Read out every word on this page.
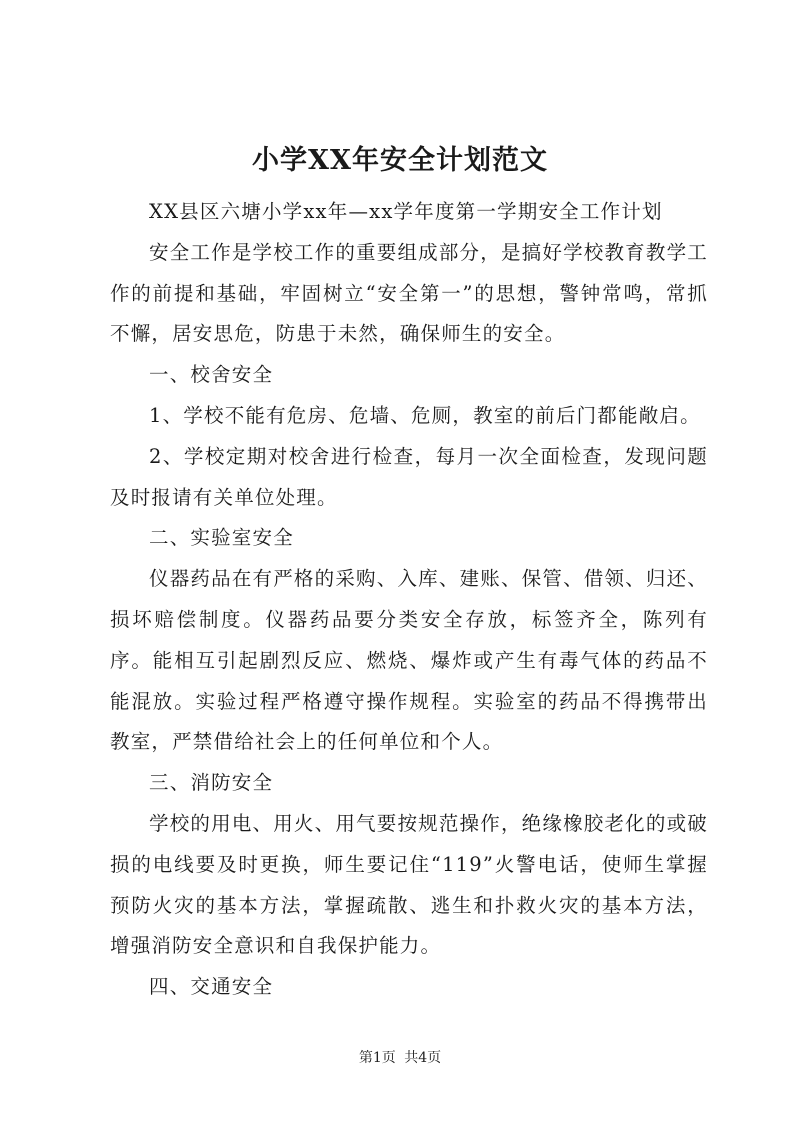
小学XX年安全计划范文

XX县区六塘小学xx年—xx学年度第一学期安全工作计划

安全工作是学校工作的重要组成部分，是搞好学校教育教学工作的前提和基础，牢固树立“安全第一”的思想，警钟常鸣，常抓不懈，居安思危，防患于未然，确保师生的安全。

一、校舍安全

1、学校不能有危房、危墙、危厕，教室的前后门都能敞启。

2、学校定期对校舍进行检查，每月一次全面检查，发现问题及时报请有关单位处理。

二、实验室安全

仪器药品在有严格的采购、入库、建账、保管、借领、归还、损坏赔偿制度。仪器药品要分类安全存放，标签齐全，陈列有序。能相互引起剧烈反应、燃烧、爆炸或产生有毒气体的药品不能混放。实验过程严格遵守操作规程。实验室的药品不得携带出教室，严禁借给社会上的任何单位和个人。

三、消防安全

学校的用电、用火、用气要按规范操作，绝缘橡胶老化的或破损的电线要及时更换，师生要记住“119”火警电话，使师生掌握预防火灾的基本方法，掌握疏散、逃生和扑救火灾的基本方法，增强消防安全意识和自我保护能力。

四、交通安全

第1页 共4页
